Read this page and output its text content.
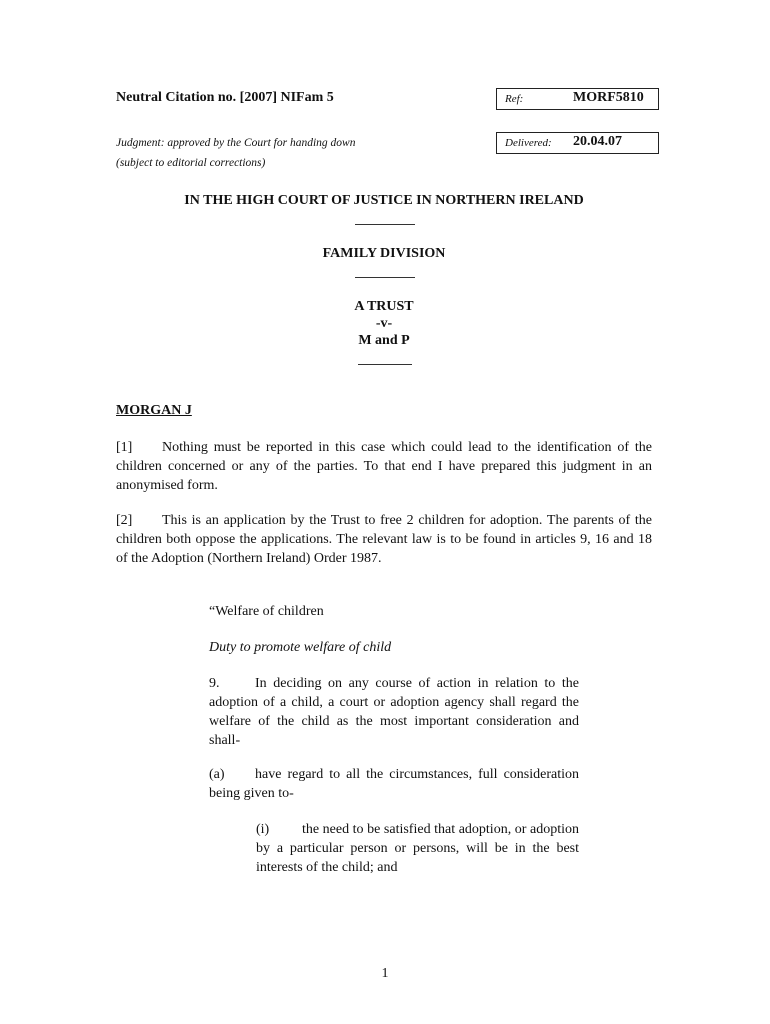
Neutral Citation no. [2007] NIFam 5
Judgment: approved by the Court for handing down
(subject to editorial corrections)
Ref:	MORF5810
Delivered: 20.04.07
IN THE HIGH COURT OF JUSTICE IN NORTHERN IRELAND
FAMILY DIVISION
A TRUST
-v-
M and P
MORGAN J
[1] Nothing must be reported in this case which could lead to the identification of the children concerned or any of the parties. To that end I have prepared this judgment in an anonymised form.
[2] This is an application by the Trust to free 2 children for adoption. The parents of the children both oppose the applications. The relevant law is to be found in articles 9, 16 and 18 of the Adoption (Northern Ireland) Order 1987.
“Welfare of children
Duty to promote welfare of child
9.	In deciding on any course of action in relation to the adoption of a child, a court or adoption agency shall regard the welfare of the child as the most important consideration and shall-
(a) have regard to all the circumstances, full consideration being given to-
(i) the need to be satisfied that adoption, or adoption by a particular person or persons, will be in the best interests of the child; and
1
